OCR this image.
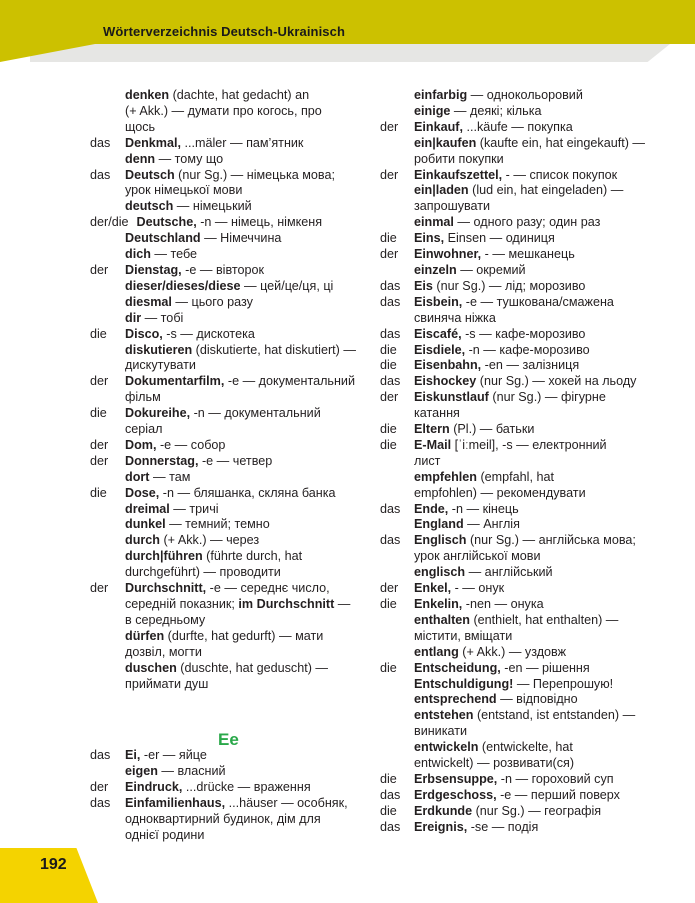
Wörterverzeichnis Deutsch-Ukrainisch
denken (dachte, hat gedacht) an
(+ Akk.) — думати про когось, про
щось
das	Denkmal, ...mäler — пам’ятник
denn — тому що
das	Deutsch (nur Sg.) — німецька мова;
урок німецької мови
deutsch — німецький
der/die Deutsche, -n — німець, німкеня
Deutschland — Німеччина
dich — тебе
der	Dienstag, -e — вівторок
dieser/dieses/diese — цей/це/ця, ці
diesmal — цього разу
dir — тобі
die	Disco, -s — дискотека
diskutieren (diskutierte, hat diskutiert) —
дискутувати
der	Dokumentarfilm, -e — документальний
фільм
die	Dokureihe, -n — документальний
серіал
der	Dom, -e — собор
der	Donnerstag, -e — четвер
dort — там
die	Dose, -n — бляшанка, скляна банка
dreimal — тричі
dunkel — темний; темно
durch (+ Akk.) — через
durch|führen (führte durch, hat
durchgeführt) — проводити
der	Durchschnitt, -e — середнє число,
середній показник; im Durchschnitt —
в середньому
dürfen (durfte, hat gedurft) — мати
дозвіл, могти
duschen (duschte, hat geduscht) —
приймати душ
Ee
das	Ei, -er — яйце
eigen — власний
der	Eindruck, ...drücke — враження
das	Einfamilienhaus, ...häuser — особняк,
одноквартирний будинок, дім для
однієї родини
einfarbig — однокольоровий
einige — деякі; кілька
der	Einkauf, ...käufe — покупка
ein|kaufen (kaufte ein, hat eingekauft) —
робити покупки
der	Einkaufszettel, - — список покупок
ein|laden (lud ein, hat eingeladen) —
запрошувати
einmal — одного разу; один раз
die	Eins, Einsen — одиниця
der	Einwohner, - — мешканець
einzeln — окремий
das	Eis (nur Sg.) — лід; морозиво
das	Eisbein, -e — тушкована/смажена
свиняча ніжка
das	Eiscafé, -s — кафе-морозиво
die	Eisdiele, -n — кафе-морозиво
die	Eisenbahn, -en — залізниця
das	Eishockey (nur Sg.) — хокей на льоду
der	Eiskunstlauf (nur Sg.) — фігурне
катання
die	Eltern (Pl.) — батьки
die	E-Mail [ˈiːmeil], -s — електронний
лист
empfehlen (empfahl, hat
empfohlen) — рекомендувати
das	Ende, -n — кінець
England — Англія
das	Englisch (nur Sg.) — англійська мова;
урок англійської мови
englisch — англійський
der	Enkel, - — онук
die	Enkelin, -nen — онука
enthalten (enthielt, hat enthalten) —
містити, вміщати
entlang (+ Akk.) — уздовж
die	Entscheidung, -en — рішення
Entschuldigung! — Перепрошую!
entsprechend — відповідно
entstehen (entstand, ist entstanden) —
виникати
entwickeln (entwickelte, hat
entwickelt) — розвивати(ся)
die	Erbsensuppe, -n — гороховий суп
das	Erdgeschoss, -e — перший поверх
die	Erdkunde (nur Sg.) — географія
das	Ereignis, -se — подія
192
